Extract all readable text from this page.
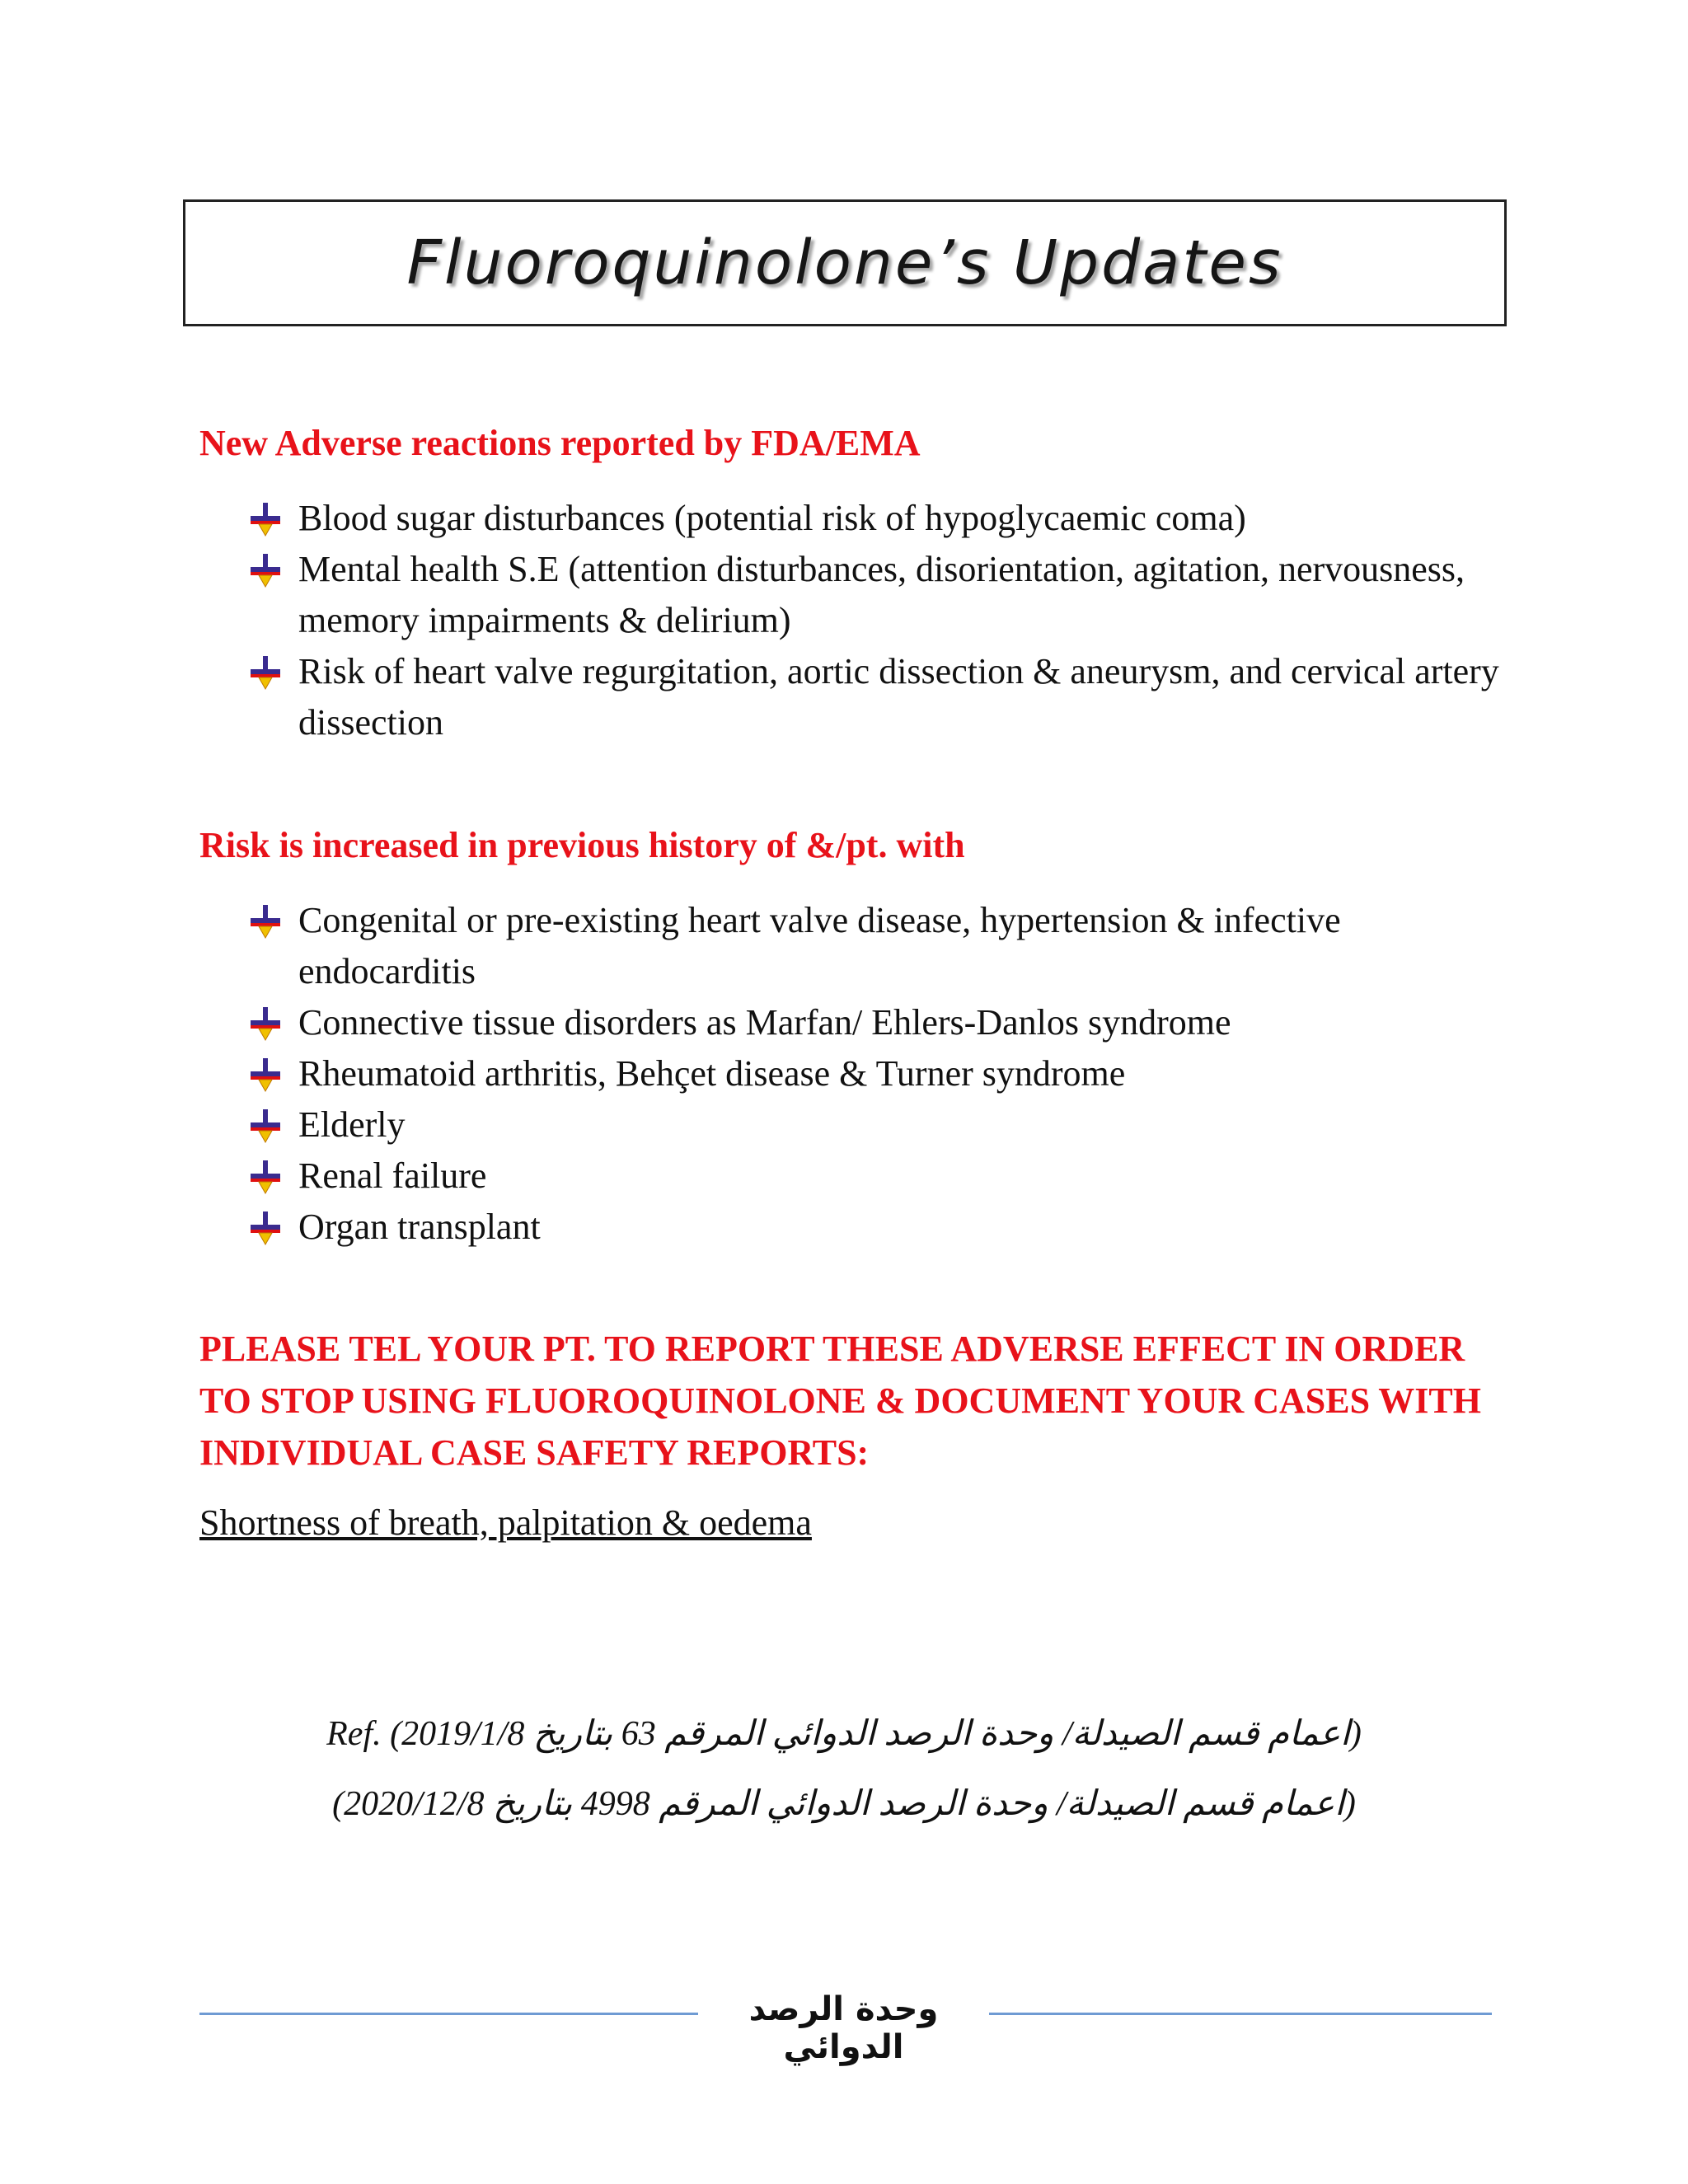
Fluoroquinolone’s Updates
New Adverse reactions reported by FDA/EMA
Blood sugar disturbances (potential risk of hypoglycaemic coma)
Mental health S.E (attention disturbances, disorientation, agitation, nervousness, memory impairments & delirium)
Risk of heart valve regurgitation, aortic dissection & aneurysm, and cervical artery dissection
Risk is increased in previous history of &/pt. with
Congenital or pre-existing heart valve disease, hypertension & infective endocarditis
Connective tissue disorders as Marfan/ Ehlers-Danlos syndrome
Rheumatoid arthritis, Behçet disease & Turner syndrome
Elderly
Renal failure
Organ transplant

PLEASE TEL YOUR PT. TO REPORT THESE ADVERSE EFFECT IN ORDER TO STOP USING FLUOROQUINOLONE & DOCUMENT YOUR CASES WITH INDIVIDUAL CASE SAFETY REPORTS:

Shortness of breath, palpitation & oedema

Ref. (اعمام قسم الصيدلة/ وحدة الرصد الدوائي المرقم 63 بتاريخ 2019/1/8)
(اعمام قسم الصيدلة/ وحدة الرصد الدوائي المرقم 4998 بتاريخ 2020/12/8)
وحدة الرصد الدوائي
